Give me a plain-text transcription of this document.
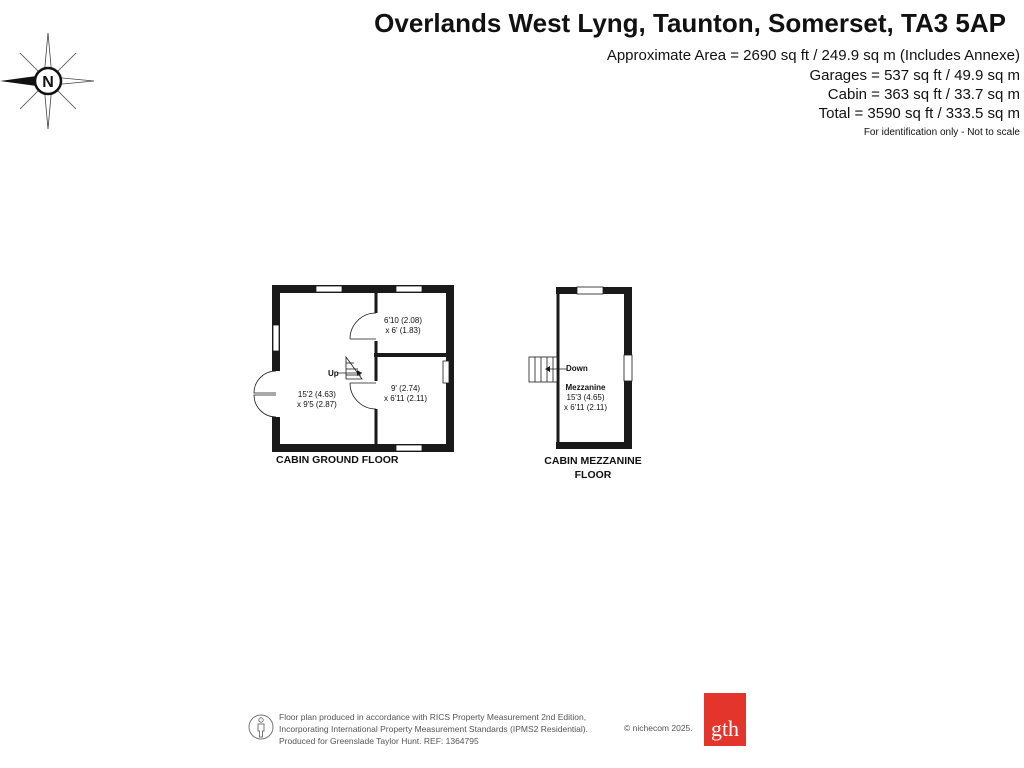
Overlands West Lyng, Taunton, Somerset, TA3 5AP
Approximate Area = 2690 sq ft / 249.9 sq m (Includes Annexe)
Garages = 537 sq ft / 49.9 sq m
Cabin = 363 sq ft / 33.7 sq m
Total = 3590 sq ft / 333.5 sq m
For identification only - Not to scale
N
Up
6'10 (2.08)
x 6' (1.83)
15'2 (4.63)
x 9'5 (2.87)
9' (2.74)
x 6'11 (2.11)
CABIN GROUND FLOOR
Down
Mezzanine
15'3 (4.65)
x 6'11 (2.11)
CABIN MEZZANINE
FLOOR
Floor plan produced in accordance with RICS Property Measurement 2nd Edition,
Incorporating International Property Measurement Standards (IPMS2 Residential).
Produced for Greenslade Taylor Hunt. REF: 1364795
© nichecom 2025. gth
